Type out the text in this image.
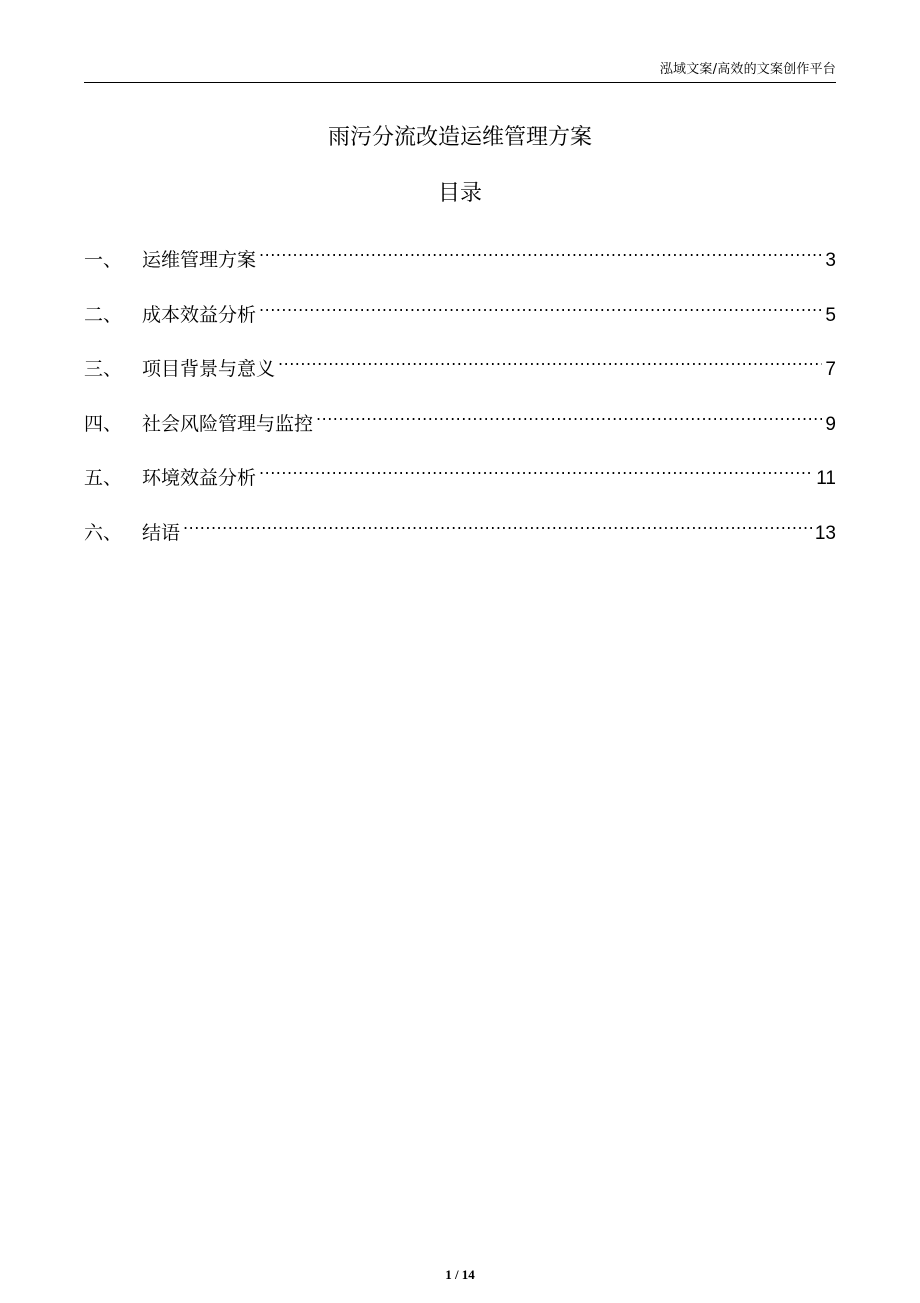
泓域文案/高效的文案创作平台
雨污分流改造运维管理方案
目录
一、	运维管理方案 .....	3
二、	成本效益分析 .....	5
三、	项目背景与意义 .....	7
四、	社会风险管理与监控 .....	9
五、	环境效益分析 .....	11
六、	结语 .....	13
1 / 14
